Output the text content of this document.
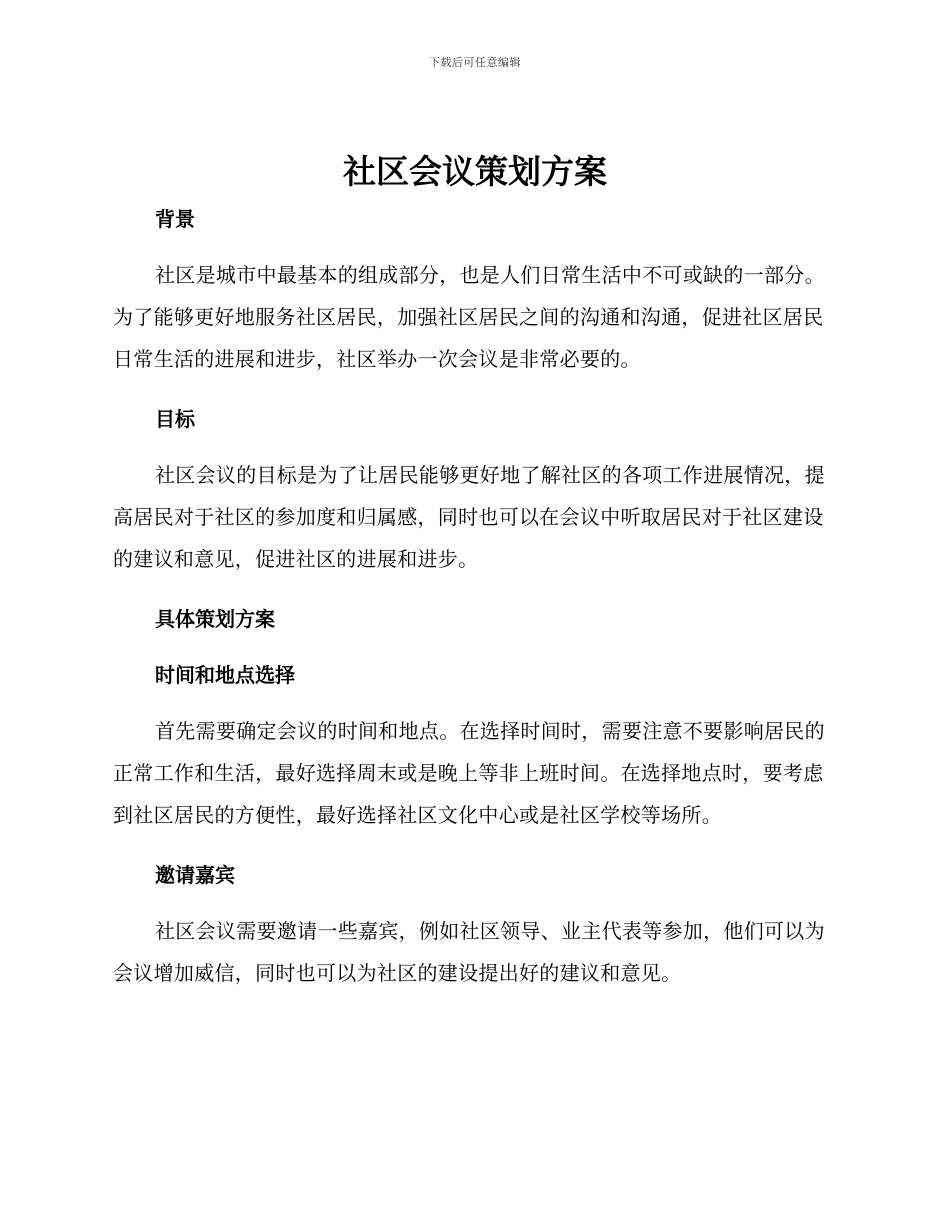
下载后可任意编辑
社区会议策划方案
背景

社区是城市中最基本的组成部分，也是人们日常生活中不可或缺的一部分。为了能够更好地服务社区居民，加强社区居民之间的沟通和沟通，促进社区居民日常生活的进展和进步，社区举办一次会议是非常必要的。

目标

社区会议的目标是为了让居民能够更好地了解社区的各项工作进展情况，提高居民对于社区的参加度和归属感，同时也可以在会议中听取居民对于社区建设的建议和意见，促进社区的进展和进步。

具体策划方案
时间和地点选择

首先需要确定会议的时间和地点。在选择时间时，需要注意不要影响居民的正常工作和生活，最好选择周末或是晚上等非上班时间。在选择地点时，要考虑到社区居民的方便性，最好选择社区文化中心或是社区学校等场所。

邀请嘉宾

社区会议需要邀请一些嘉宾，例如社区领导、业主代表等参加，他们可以为会议增加威信，同时也可以为社区的建设提出好的建议和意见。
